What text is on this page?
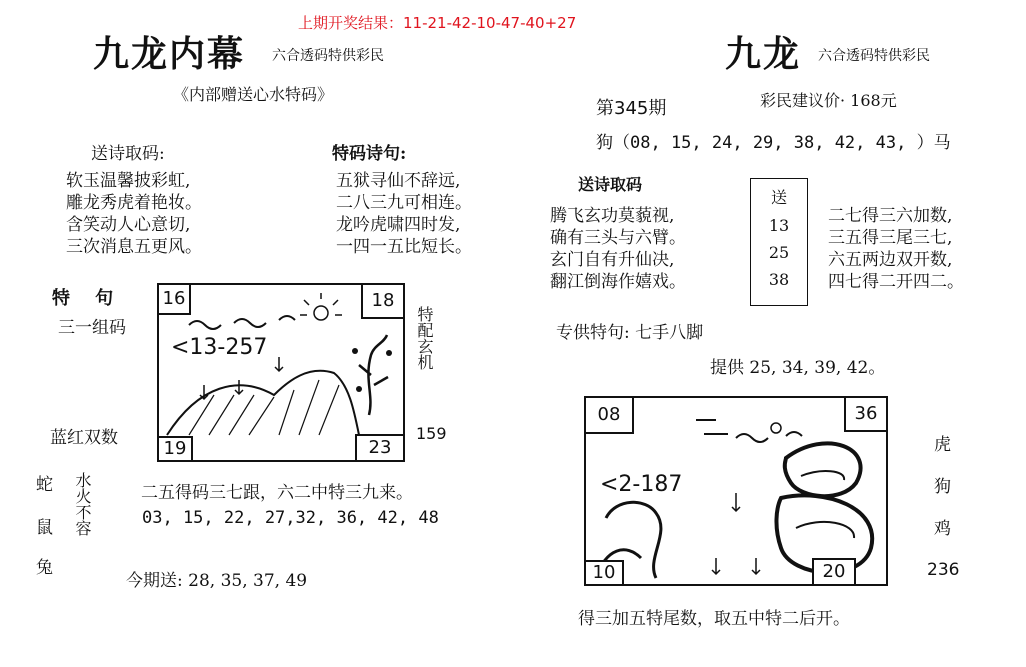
上期开奖结果：11-21-42-10-47-40+27
九龙内幕 六合透码特供彩民	九龙 六合透码特供彩民
《内部赠送心水特码》
第345期	彩民建议价· 168元
送诗取码:
软玉温馨披彩虹,
雕龙秀虎着艳妆。
含笑动人心意切,
三次消息五更风。
特码诗句:
五狱寻仙不辞远,
二八三九可相连。
龙吟虎啸四时发,
一四一五比短长。
特    句
三一组码
蓝红双数
特配玄机
159
<13-257
16	18
19	23
蛇
鼠
兔
水火不容	二五得码三七跟，六二中特三九来。
03, 15, 22, 27,32, 36, 42, 48
今期送: 28, 35, 37, 49
狗（08, 15, 24, 29, 38, 42, 43, ）马
送诗取码
腾飞玄功莫藐视,
确有三头与六臂。
玄门自有升仙决,
翻江倒海作嬉戏。
送
13
25
38
二七得三六加数,
三五得三尾三七,
六五两边双开数,
四七得二开四二。
专供特句: 七手八脚
提供 25, 34, 39, 42。
<2-187
08	36
10	20
虎
狗
鸡
236
得三加五特尾数，取五中特二后开。
